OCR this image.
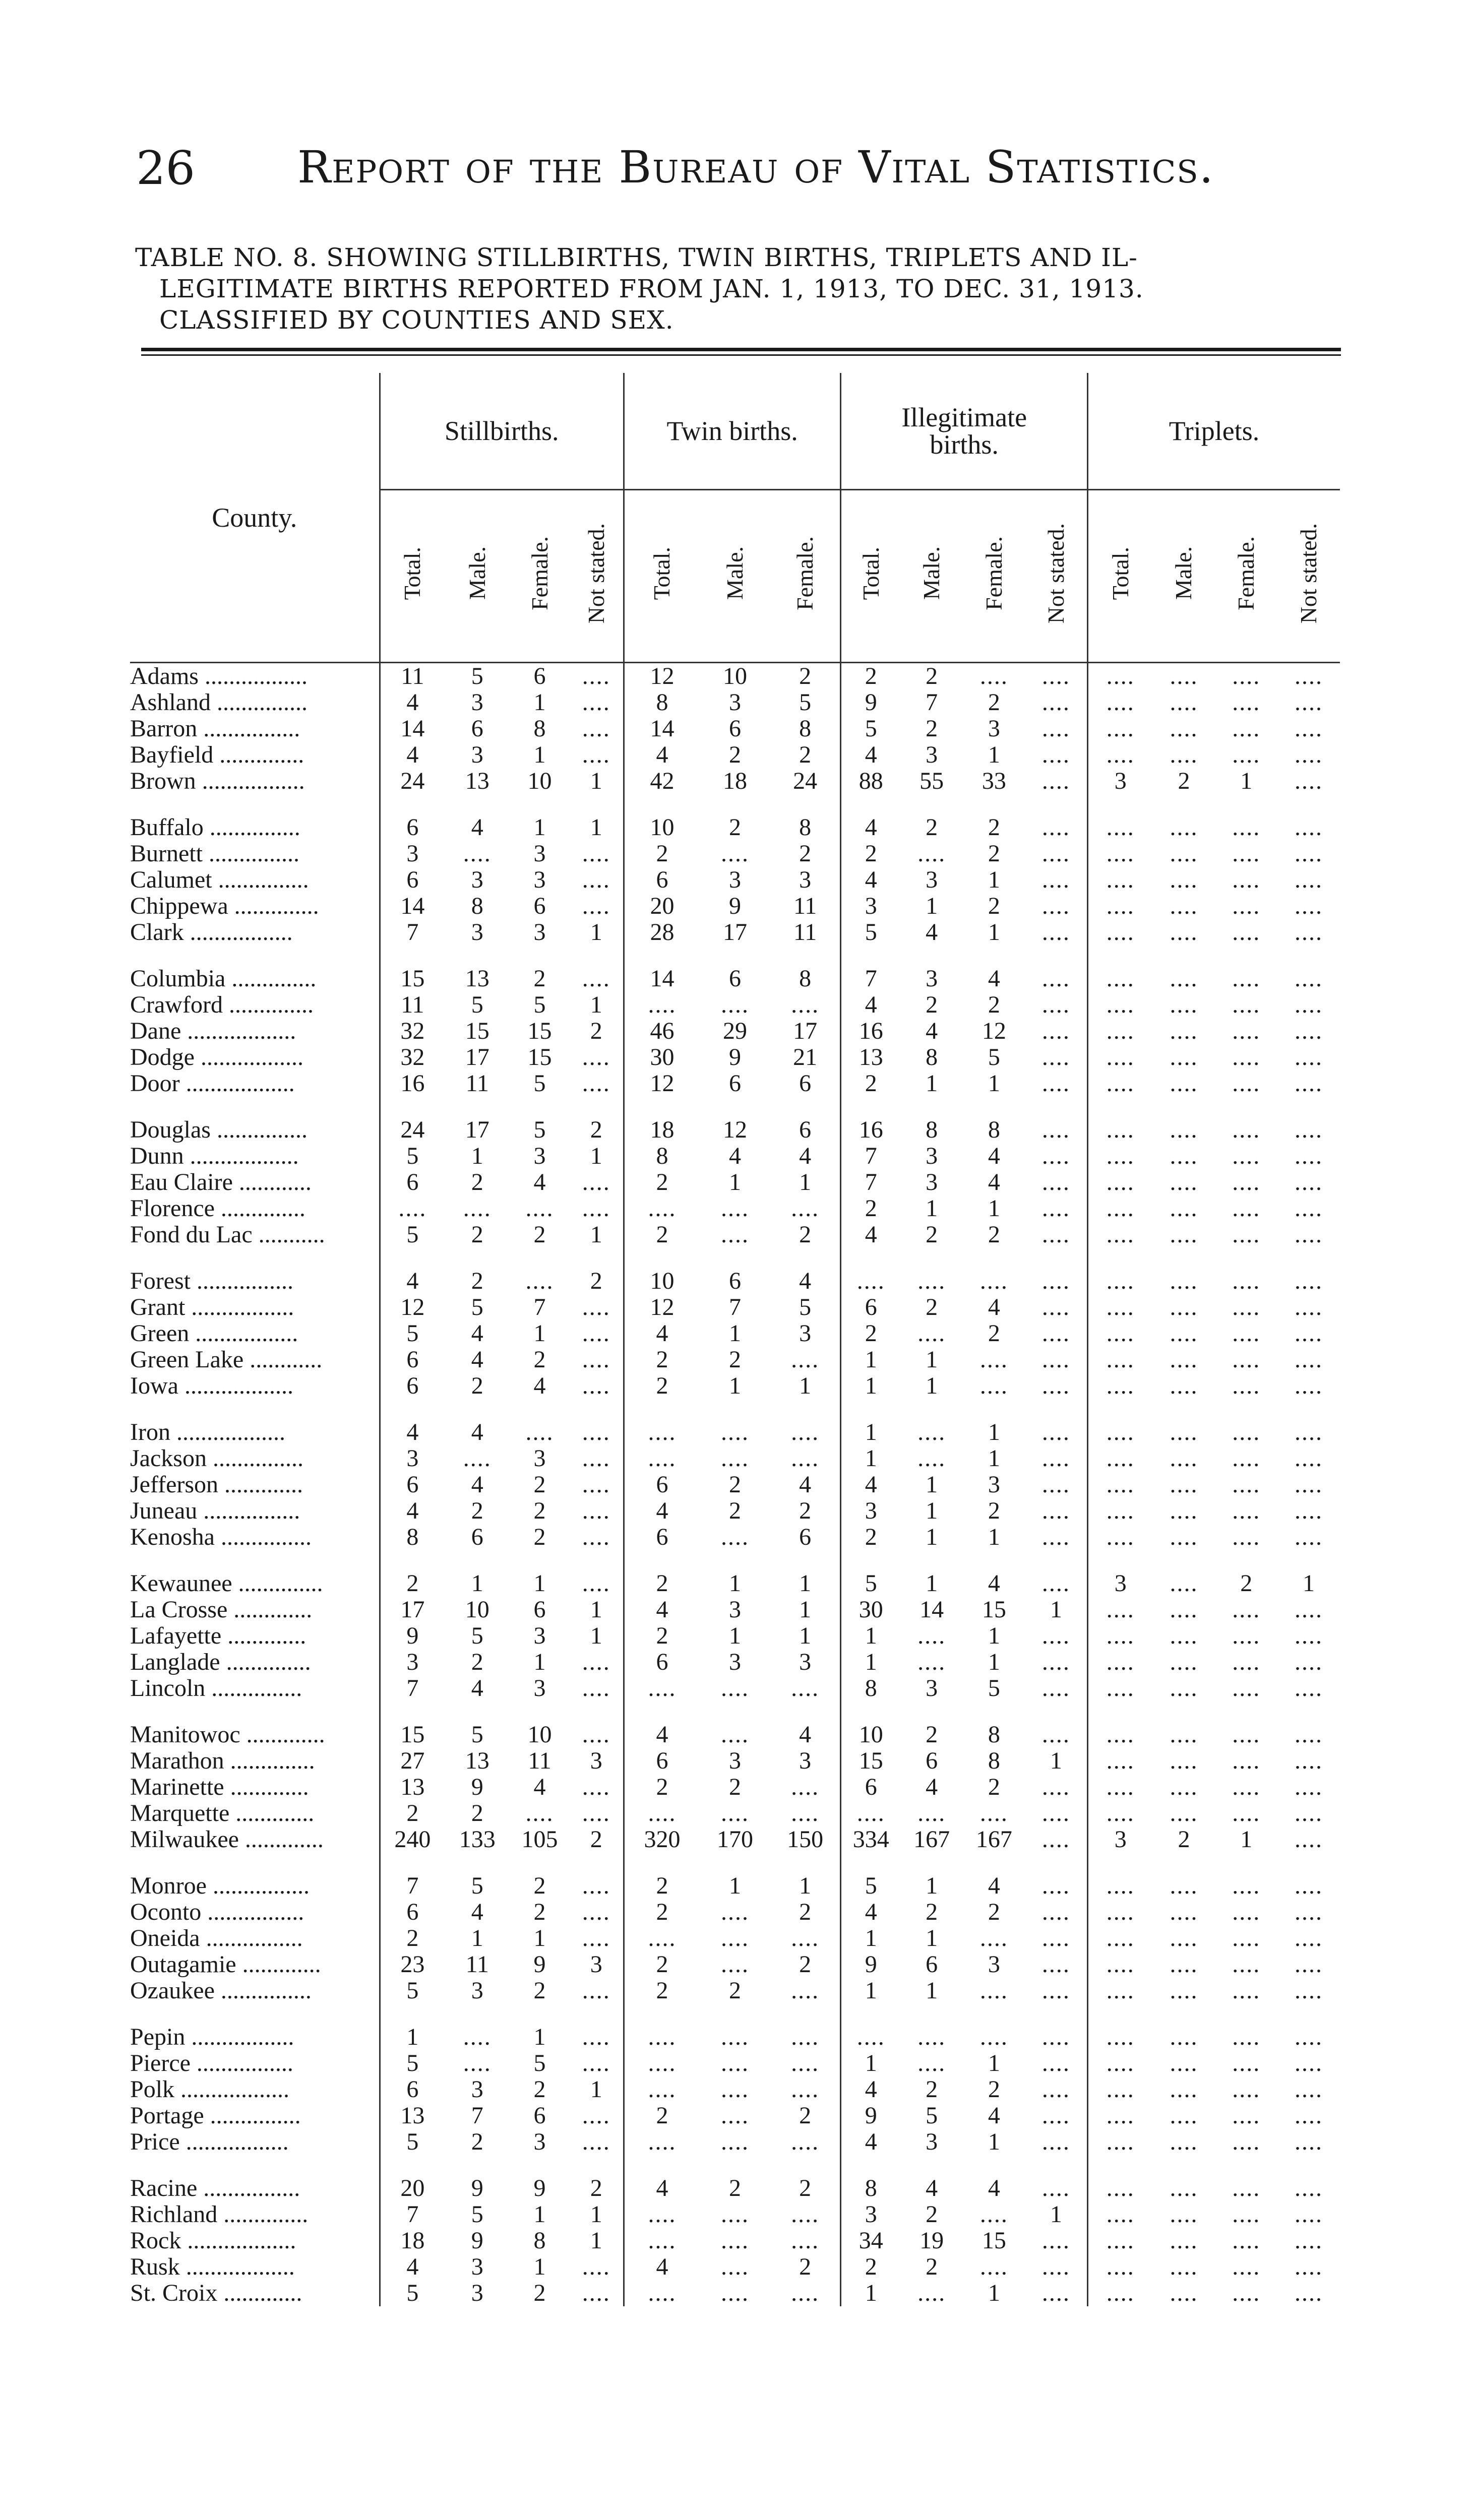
26 Report of the Bureau of Vital Statistics.
TABLE NO. 8. SHOWING STILLBIRTHS, TWIN BIRTHS, TRIPLETS AND IL-
LEGITIMATE BIRTHS REPORTED FROM JAN. 1, 1913, TO DEC. 31, 1913.
CLASSIFIED BY COUNTIES AND SEX.
County.	Stillbirths.				Twin births.			Illegitimate births.				Triplets.			
	Total.	Male.	Female.	Not stated.	Total.	Male.	Female.	Total.	Male.	Female.	Not stated.	Total.	Male.	Female.	Not stated.
Adams .................	11	5	6	....	12	10	2	2	2	....	....	....	....	....	....
Ashland ...............	4	3	1	....	8	3	5	9	7	2	....	....	....	....	....
Barron ................	14	6	8	....	14	6	8	5	2	3	....	....	....	....	....
Bayfield ..............	4	3	1	....	4	2	2	4	3	1	....	....	....	....	....
Brown .................	24	13	10	1	42	18	24	88	55	33	....	3	2	1	....

Buffalo ...............	6	4	1	1	10	2	8	4	2	2	....	....	....	....	....
Burnett ...............	3	....	3	....	2	....	2	2	....	2	....	....	....	....	....
Calumet ...............	6	3	3	....	6	3	3	4	3	1	....	....	....	....	....
Chippewa ..............	14	8	6	....	20	9	11	3	1	2	....	....	....	....	....
Clark .................	7	3	3	1	28	17	11	5	4	1	....	....	....	....	....

Columbia ..............	15	13	2	....	14	6	8	7	3	4	....	....	....	....	....
Crawford ..............	11	5	5	1	....	....	....	4	2	2	....	....	....	....	....
Dane ..................	32	15	15	2	46	29	17	16	4	12	....	....	....	....	....
Dodge .................	32	17	15	....	30	9	21	13	8	5	....	....	....	....	....
Door ..................	16	11	5	....	12	6	6	2	1	1	....	....	....	....	....

Douglas ...............	24	17	5	2	18	12	6	16	8	8	....	....	....	....	....
Dunn ..................	5	1	3	1	8	4	4	7	3	4	....	....	....	....	....
Eau Claire ............	6	2	4	....	2	1	1	7	3	4	....	....	....	....	....
Florence ..............	....	....	....	....	....	....	....	2	1	1	....	....	....	....	....
Fond du Lac ...........	5	2	2	1	2	....	2	4	2	2	....	....	....	....	....

Forest ................	4	2	....	2	10	6	4	....	....	....	....	....	....	....	....
Grant .................	12	5	7	....	12	7	5	6	2	4	....	....	....	....	....
Green .................	5	4	1	....	4	1	3	2	....	2	....	....	....	....	....
Green Lake ............	6	4	2	....	2	2	....	1	1	....	....	....	....	....	....
Iowa ..................	6	2	4	....	2	1	1	1	1	....	....	....	....	....	....

Iron ..................	4	4	....	....	....	....	....	1	....	1	....	....	....	....	....
Jackson ...............	3	....	3	....	....	....	....	1	....	1	....	....	....	....	....
Jefferson .............	6	4	2	....	6	2	4	4	1	3	....	....	....	....	....
Juneau ................	4	2	2	....	4	2	2	3	1	2	....	....	....	....	....
Kenosha ...............	8	6	2	....	6	....	6	2	1	1	....	....	....	....	....

Kewaunee ..............	2	1	1	....	2	1	1	5	1	4	....	3	....	2	1
La Crosse .............	17	10	6	1	4	3	1	30	14	15	1	....	....	....	....
Lafayette .............	9	5	3	1	2	1	1	1	....	1	....	....	....	....	....
Langlade ..............	3	2	1	....	6	3	3	1	....	1	....	....	....	....	....
Lincoln ...............	7	4	3	....	....	....	....	8	3	5	....	....	....	....	....

Manitowoc .............	15	5	10	....	4	....	4	10	2	8	....	....	....	....	....
Marathon ..............	27	13	11	3	6	3	3	15	6	8	1	....	....	....	....
Marinette .............	13	9	4	....	2	2	....	6	4	2	....	....	....	....	....
Marquette .............	2	2	....	....	....	....	....	....	....	....	....	....	....	....	....
Milwaukee .............	240	133	105	2	320	170	150	334	167	167	....	3	2	1	....

Monroe ................	7	5	2	....	2	1	1	5	1	4	....	....	....	....	....
Oconto ................	6	4	2	....	2	....	2	4	2	2	....	....	....	....	....
Oneida ................	2	1	1	....	....	....	....	1	1	....	....	....	....	....	....
Outagamie .............	23	11	9	3	2	....	2	9	6	3	....	....	....	....	....
Ozaukee ...............	5	3	2	....	2	2	....	1	1	....	....	....	....	....	....

Pepin .................	1	....	1	....	....	....	....	....	....	....	....	....	....	....	....
Pierce ................	5	....	5	....	....	....	....	1	....	1	....	....	....	....	....
Polk ..................	6	3	2	1	....	....	....	4	2	2	....	....	....	....	....
Portage ...............	13	7	6	....	2	....	2	9	5	4	....	....	....	....	....
Price .................	5	2	3	....	....	....	....	4	3	1	....	....	....	....	....

Racine ................	20	9	9	2	4	2	2	8	4	4	....	....	....	....	....
Richland ..............	7	5	1	1	....	....	....	3	2	....	1	....	....	....	....
Rock ..................	18	9	8	1	....	....	....	34	19	15	....	....	....	....	....
Rusk ..................	4	3	1	....	4	....	2	2	2	....	....	....	....	....	....
St. Croix .............	5	3	2	....	....	....	....	1	....	1	....	....	....	....	....
